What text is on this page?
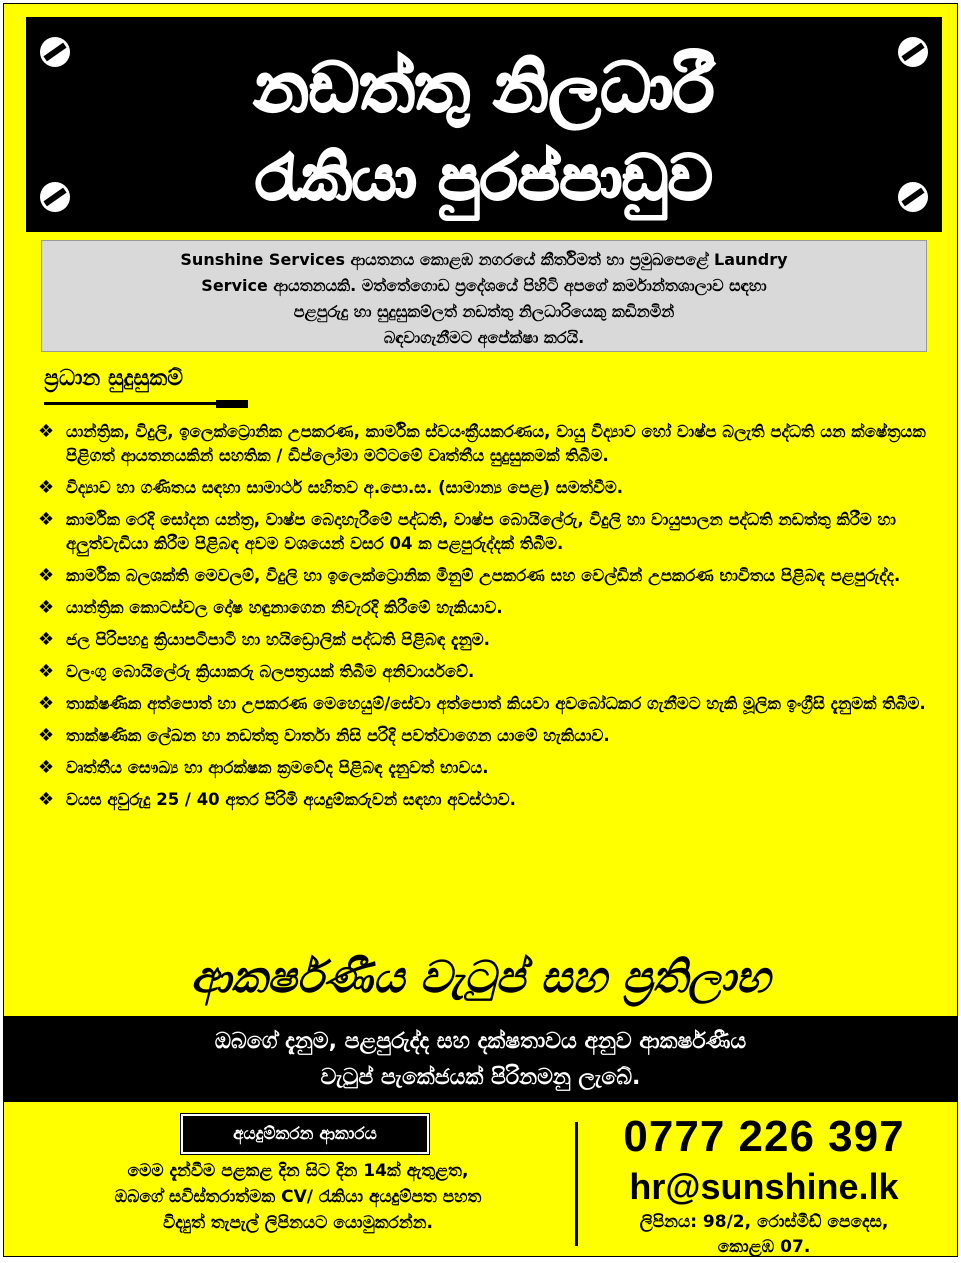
නඩත්තු නිලධාරී
රැකියා පුරප්පාඩුව
Sunshine Services ආයතනය කොළඹ නගරයේ කීර්තිමත් හා ප්‍රමුඛපෙළේ Laundry
Service ආයතනයකි. මත්තේගොඩ ප්‍රදේශයේ පිහිටි අපගේ කර්මාන්තශාලාව සඳහා
පළපුරුදු හා සුදුසුකම්ලත් නඩත්තු නිලධාරියෙකු කඩිනමින්
බඳවාගැනීමට අපේක්ෂා කරයි.
ප්‍රධාන සුදුසුකම්
❖ යාන්ත්‍රික, විදුලි, ඉලෙක්ට්‍රොනික උපකරණ, කාර්මික ස්වයංක්‍රීයකරණය, වායු විද්‍යාව හෝ වාෂ්ප බලැති පද්ධති යන ක්ෂේත්‍රයක පිළිගත් ආයතනයකින් සහතික / ඩිප්ලෝමා මට්ටමේ වෘත්තීය සුදුසුකමක් තිබීම.
❖ විද්‍යාව හා ගණිතය සඳහා සාමාර්ථ සහිතව අ.පො.ස. (සාමාන්‍ය පෙළ) සමත්වීම.
❖ කාර්මික රෙදි සෝදන යන්ත්‍ර, වාෂ්ප බෙදාහැරීමේ පද්ධති, වාෂ්ප බොයිලේරු, විදුලි හා වායුපාලන පද්ධති නඩත්තු කිරීම හා අලුත්වැඩියා කිරීම පිළිබඳ අවම වශයෙන් වසර 04 ක පළපුරුද්දක් තිබීම.
❖ කාර්මික බලශක්ති මෙවලම්, විදුලි හා ඉලෙක්ට්‍රොනික මිනුම් උපකරණ සහ වෙල්ඩින් උපකරණ භාවිතය පිළිබඳ පළපුරුද්ද.
❖ යාන්ත්‍රික කොටස්වල දෝෂ හඳුනාගෙන නිවැරදි කිරීමේ හැකියාව.
❖ ජල පිරිපහදු ක්‍රියාපටිපාටි හා හයිඩ්‍රොලික් පද්ධති පිළිබඳ දැනුම.
❖ වලංගු බොයිලේරු ක්‍රියාකරු බලපත්‍රයක් තිබීම අනිවාර්යවේ.
❖ තාක්ෂණික අත්පොත් හා උපකරණ මෙහෙයුම්/සේවා අත්පොත් කියවා අවබෝධකර ගැනීමට හැකි මූලික ඉංග්‍රීසි දැනුමක් තිබීම.
❖ තාක්ෂණික ලේඛන හා නඩත්තු වාර්තා නිසි පරිදි පවත්වාගෙන යාමේ හැකියාව.
❖ වෘත්තීය සෞඛ්‍ය හා ආරක්ෂක ක්‍රමවේද පිළිබඳ දැනුවත් භාවය.
❖ වයස අවුරුදු 25 / 40 අතර පිරිමි අයදුම්කරුවන් සඳහා අවස්ථාව.
ආකර්ෂණීය වැටුප් සහ ප්‍රතිලාභ
ඔබගේ දැනුම, පළපුරුද්ද සහ දක්ෂතාවය අනුව ආකර්ෂණීය
වැටුප් පැකේජයක් පිරිනමනු ලැබේ.
අයදුම්කරන ආකාරය
මෙම දැන්වීම පළකළ දින සිට දින 14ක් ඇතුළත,
ඔබගේ සවිස්තරාත්මක CV/ රැකියා අයදුම්පත පහත
විද්‍යුත් තැපැල් ලිපිනයට යොමුකරන්න.
0777 226 397
hr@sunshine.lk
ලිපිනය: 98/2, රොස්මීඩ් පෙදෙස,
කොළඹ 07.
